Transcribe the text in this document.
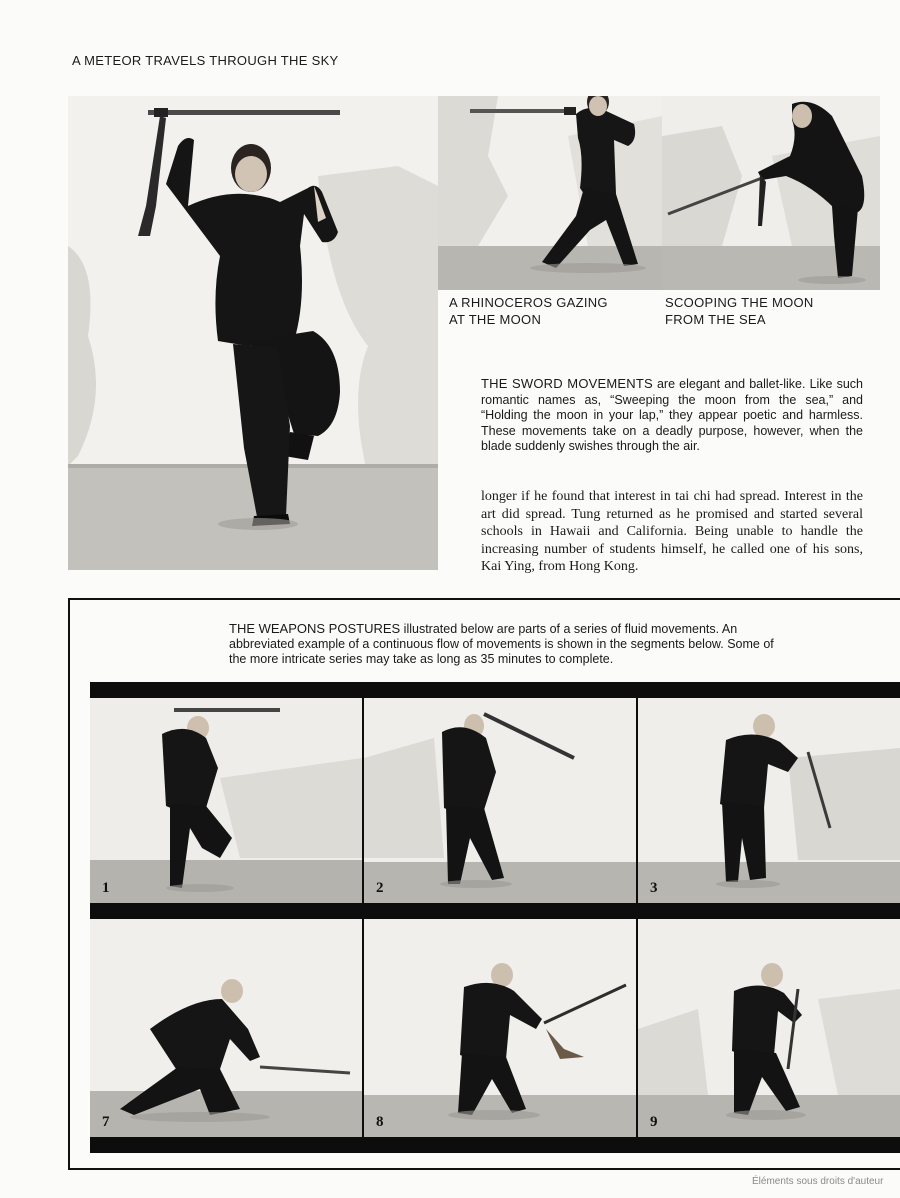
A METEOR TRAVELS THROUGH THE SKY
A RHINOCEROS GAZING
AT THE MOON
SCOOPING THE MOON
FROM THE SEA
THE SWORD MOVEMENTS are elegant and ballet-like. Like such romantic names as, “Sweeping the moon from the sea,” and “Holding the moon in your lap,” they appear poetic and harmless. These movements take on a deadly purpose, however, when the blade suddenly swishes through the air.
longer if he found that interest in tai chi had spread. Interest in the art did spread. Tung returned as he promised and started several schools in Hawaii and California. Being unable to handle the increasing number of students himself, he called one of his sons, Kai Ying, from Hong Kong.
THE WEAPONS POSTURES illustrated below are parts of a series of fluid movements. An abbreviated example of a continuous flow of movements is shown in the segments below. Some of the more intricate series may take as long as 35 minutes to complete.
1	2	3
7	8	9
Éléments sous droits d'auteur
